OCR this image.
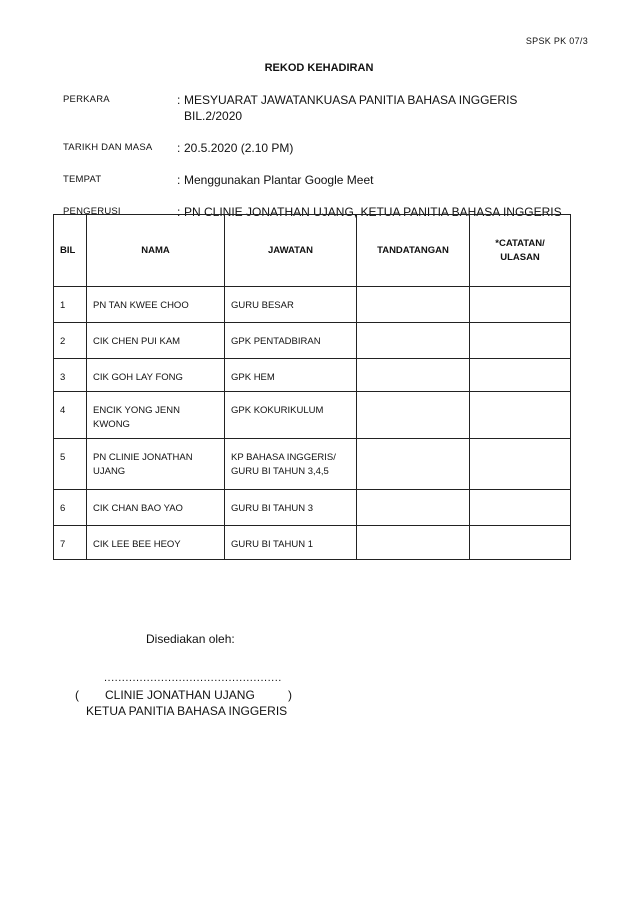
SPSK PK 07/3
REKOD KEHADIRAN
PERKARA	: MESYUARAT JAWATANKUASA PANITIA BAHASA INGGERIS
BIL.2/2020
TARIKH DAN MASA	: 20.5.2020 (2.10 PM)
TEMPAT	: Menggunakan Plantar Google Meet
PENGERUSI	: PN CLINIE JONATHAN UJANG, KETUA PANITIA BAHASA INGGERIS
BIL	NAMA	JAWATAN	TANDATANGAN	*CATATAN/
ULASAN
1	PN TAN KWEE CHOO	GURU BESAR		
2	CIK CHEN PUI KAM	GPK PENTADBIRAN		
3	CIK GOH LAY FONG	GPK HEM		
4	ENCIK YONG JENN
KWONG	GPK KOKURIKULUM		
5	PN CLINIE JONATHAN
UJANG	KP BAHASA INGGERIS/
GURU BI TAHUN 3,4,5		
6	CIK CHAN BAO YAO	GURU BI TAHUN 3		
7	CIK LEE BEE HEOY	GURU BI TAHUN 1		
Disediakan oleh:
..................................................
( CLINIE JONATHAN UJANG	)
KETUA PANITIA BAHASA INGGERIS
